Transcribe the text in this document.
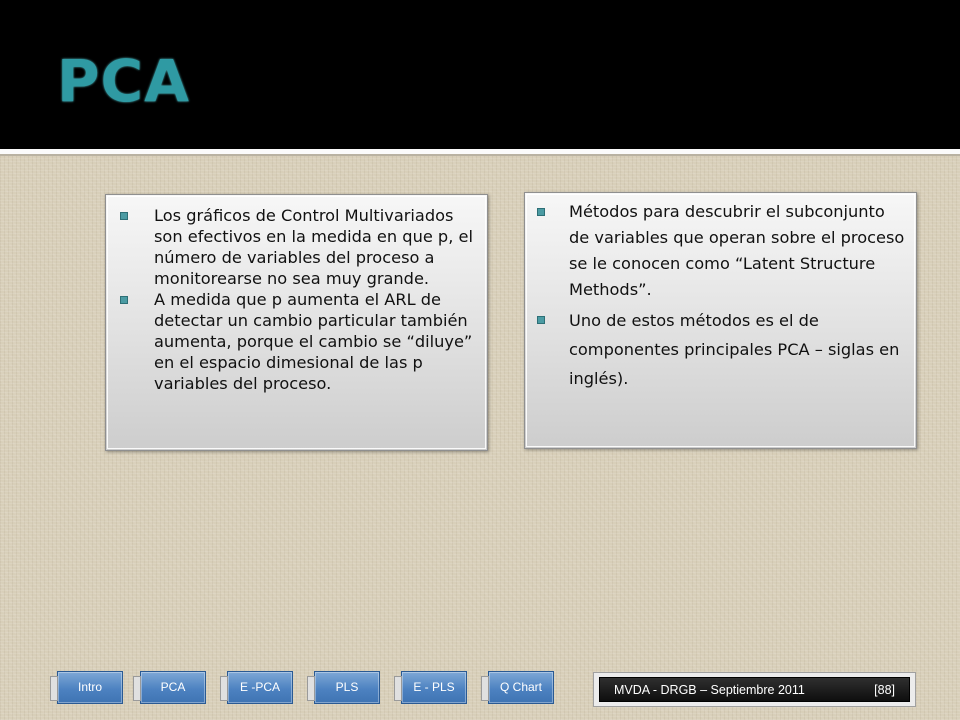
PCA
Los gráficos de Control Multivariados son efectivos en la medida en que p, el número de variables del proceso a monitorearse no sea muy grande.
A medida que p aumenta el ARL de detectar un cambio particular también aumenta, porque el cambio se “diluye” en el espacio dimesional de las p variables del proceso.
Métodos para descubrir el subconjunto de variables que operan sobre el proceso se le conocen como “Latent Structure Methods”.
Uno de estos métodos es el de componentes principales PCA – siglas en inglés).
Intro	PCA	E -PCA	PLS	E - PLS	Q Chart	MVDA - DRGB – Septiembre 2011	[88]
